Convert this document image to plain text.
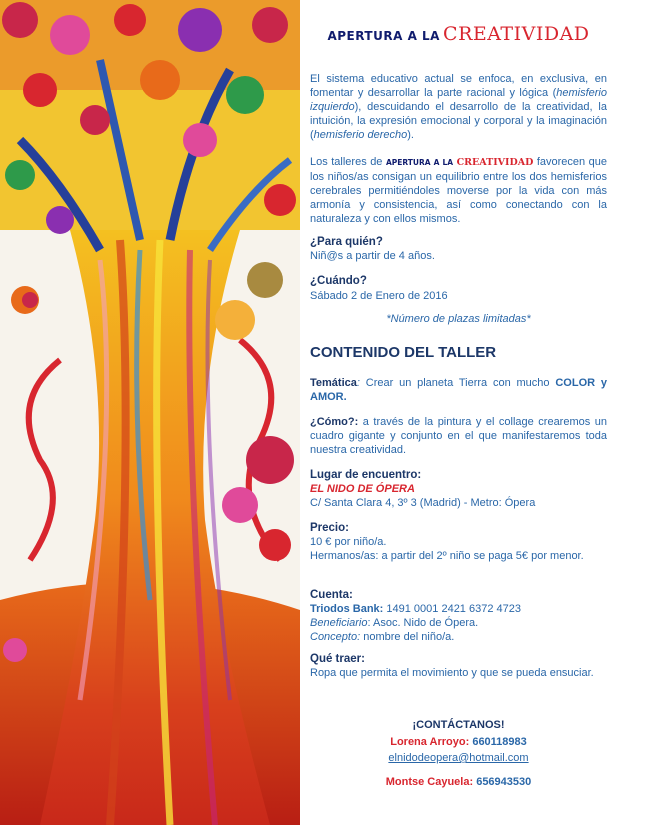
APERTURA A LA CREATIVIDAD
El sistema educativo actual se enfoca, en exclusiva, en fomentar y desarrollar la parte racional y lógica (hemisferio izquierdo), descuidando el desarrollo de la creatividad, la intuición, la expresión emocional y corporal y la imaginación (hemisferio derecho).
Los talleres de APERTURA A LA CREATIVIDAD favorecen que los niños/as consigan un equilibrio entre los dos hemisferios cerebrales permitiéndoles moverse por la vida con más armonía y consistencia, así como conectando con la naturaleza y con ellos mismos.
¿Para quién?
Niñ@s a partir de 4 años.
¿Cuándo?
Sábado 2 de Enero de 2016
*Número de plazas limitadas*
CONTENIDO DEL TALLER
Temática: Crear un planeta Tierra con mucho COLOR y AMOR.
¿Cómo?: a través de la pintura y el collage crearemos un cuadro gigante y conjunto en el que manifestaremos toda nuestra creatividad.
Lugar de encuentro:
EL NIDO DE ÓPERA
C/ Santa Clara 4, 3º 3 (Madrid) - Metro: Ópera
Precio:
10 € por niño/a.
Hermanos/as: a partir del 2º niño se paga 5€ por menor.
Cuenta:
Triodos Bank: 1491 0001 2421 6372 4723
Beneficiario: Asoc. Nido de Ópera.
Concepto: nombre del niño/a.
Qué traer:
Ropa que permita el movimiento y que se pueda ensuciar.
¡CONTÁCTANOS!
Lorena Arroyo: 660118983
elnidodeopera@hotmail.com
Montse Cayuela: 656943530
